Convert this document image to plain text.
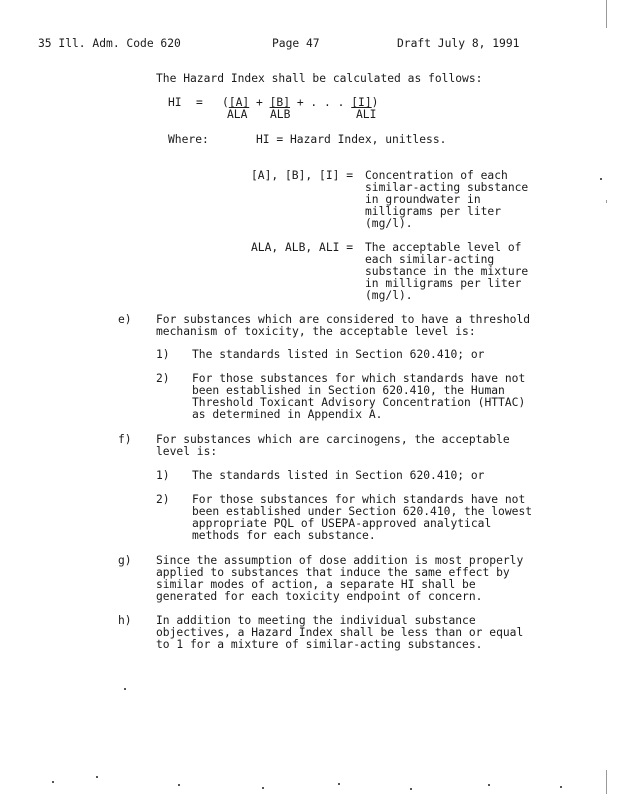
35 Ill. Adm. Code 620	Page 47	Draft July 8, 1991
The Hazard Index shall be calculated as follows:
HI = ([A] + [B] + . . . [I])
ALA ALB	ALI
Where:	HI = Hazard Index, unitless.
[A], [B], [I] = Concentration of each
similar-acting substance
in groundwater in
milligrams per liter
(mg/l).
ALA, ALB, ALI = The acceptable level of
each similar-acting
substance in the mixture
in milligrams per liter
(mg/l).
e) For substances which are considered to have a threshold
mechanism of toxicity, the acceptable level is:
1) The standards listed in Section 620.410; or
2) For those substances for which standards have not
been established in Section 620.410, the Human
Threshold Toxicant Advisory Concentration (HTTAC)
as determined in Appendix A.
f) For substances which are carcinogens, the acceptable
level is:
1) The standards listed in Section 620.410; or
2) For those substances for which standards have not
been established under Section 620.410, the lowest
appropriate PQL of USEPA-approved analytical
methods for each substance.
g) Since the assumption of dose addition is most properly
applied to substances that induce the same effect by
similar modes of action, a separate HI shall be
generated for each toxicity endpoint of concern.
h) In addition to meeting the individual substance
objectives, a Hazard Index shall be less than or equal
to 1 for a mixture of similar-acting substances.
